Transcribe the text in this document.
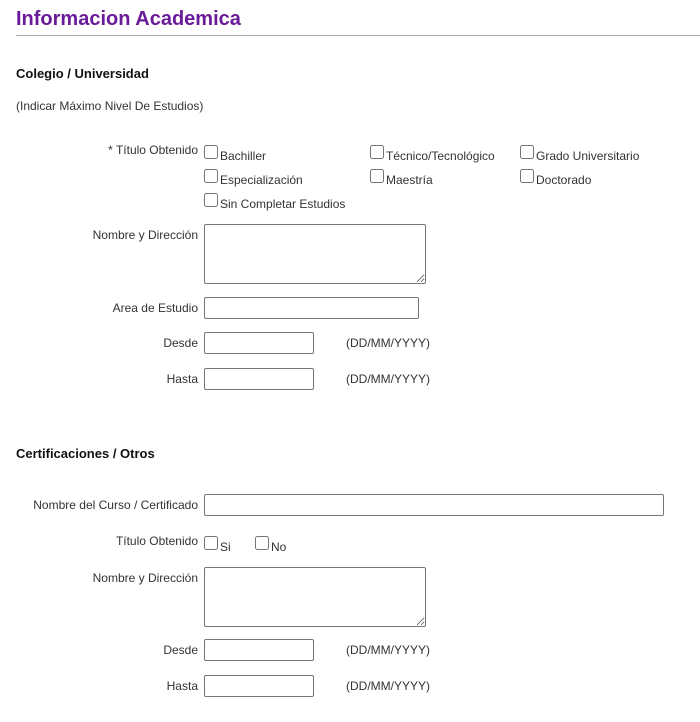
Informacion Academica
Colegio / Universidad
(Indicar Máximo Nivel De Estudios)
* Título Obtenido Bachiller	Técnico/Tecnológico	Grado Universitario
Especialización	Maestría	Doctorado
Sin Completar Estudios
Nombre y Dirección
Area de Estudio
Desde	(DD/MM/YYYY)
Hasta	(DD/MM/YYYY)
Certificaciones / Otros
Nombre del Curso / Certificado
Título Obtenido Si	No
Nombre y Dirección
Desde	(DD/MM/YYYY)
Hasta	(DD/MM/YYYY)
